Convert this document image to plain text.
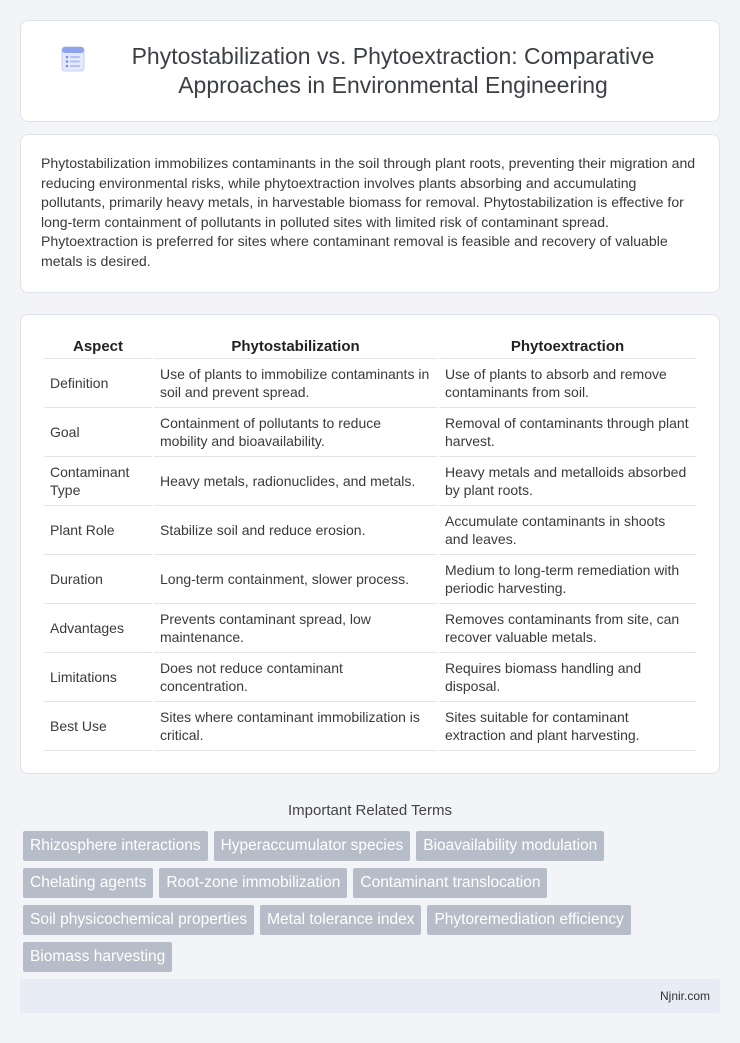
Phytostabilization vs. Phytoextraction: Comparative Approaches in Environmental Engineering

Phytostabilization immobilizes contaminants in the soil through plant roots, preventing their migration and reducing environmental risks, while phytoextraction involves plants absorbing and accumulating pollutants, primarily heavy metals, in harvestable biomass for removal. Phytostabilization is effective for long-term containment of pollutants in polluted sites with limited risk of contaminant spread. Phytoextraction is preferred for sites where contaminant removal is feasible and recovery of valuable metals is desired.

Aspect	Phytostabilization	Phytoextraction
Definition	Use of plants to immobilize contaminants in soil and prevent spread.	Use of plants to absorb and remove contaminants from soil.
Goal	Containment of pollutants to reduce mobility and bioavailability.	Removal of contaminants through plant harvest.
Contaminant Type	Heavy metals, radionuclides, and metals.	Heavy metals and metalloids absorbed by plant roots.
Plant Role	Stabilize soil and reduce erosion.	Accumulate contaminants in shoots and leaves.
Duration	Long-term containment, slower process.	Medium to long-term remediation with periodic harvesting.
Advantages	Prevents contaminant spread, low maintenance.	Removes contaminants from site, can recover valuable metals.
Limitations	Does not reduce contaminant concentration.	Requires biomass handling and disposal.
Best Use	Sites where contaminant immobilization is critical.	Sites suitable for contaminant extraction and plant harvesting.
Important Related Terms
Rhizosphere interactions	Hyperaccumulator species	Bioavailability modulation
Chelating agents	Root-zone immobilization	Contaminant translocation
Soil physicochemical properties	Metal tolerance index	Phytoremediation efficiency
Biomass harvesting
Njnir.com
